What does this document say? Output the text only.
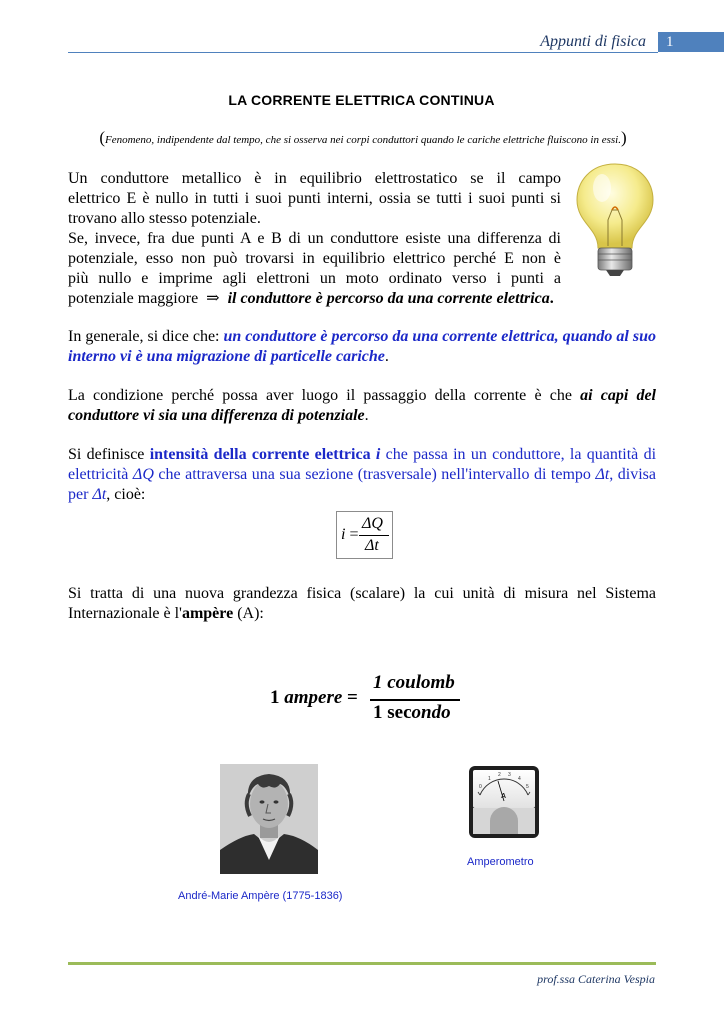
Appunti di fisica	1
LA CORRENTE ELETTRICA CONTINUA
(Fenomeno, indipendente dal tempo, che si osserva nei corpi conduttori quando le cariche elettriche fluiscono in essi.)
Un conduttore metallico è in equilibrio elettrostatico se il campo
elettrico E è nullo in tutti i suoi punti interni, ossia se tutti i suoi punti si
trovano allo stesso potenziale.
Se, invece, fra due punti A e B di un conduttore esiste una differenza di
potenziale, esso non può trovarsi in equilibrio elettrico perché E non è
più nullo e imprime agli elettroni un moto ordinato verso i punti a
potenziale maggiore ⇒ il conduttore è percorso da una corrente elettrica.

In generale, si dice che: un conduttore è percorso da una corrente elettrica, quando al suo interno vi è una migrazione di particelle cariche.

La condizione perché possa aver luogo il passaggio della corrente è che ai capi del conduttore vi sia una differenza di potenziale.

Si definisce intensità della corrente elettrica i che passa in un conduttore, la quantità di elettricità ΔQ che attraversa una sua sezione (trasversale) nell'intervallo di tempo Δt, divisa per Δt, cioè:

i =
ΔQ
Δt

Si tratta di una nuova grandezza fisica (scalare) la cui unità di misura nel Sistema Internazionale è l'ampère (A):

1 ampere =
1 coulomb
1 secondo
André-Marie Ampère (1775-1836)
0
1
2 3
4
5
A
Amperometro
prof.ssa Caterina Vespia
